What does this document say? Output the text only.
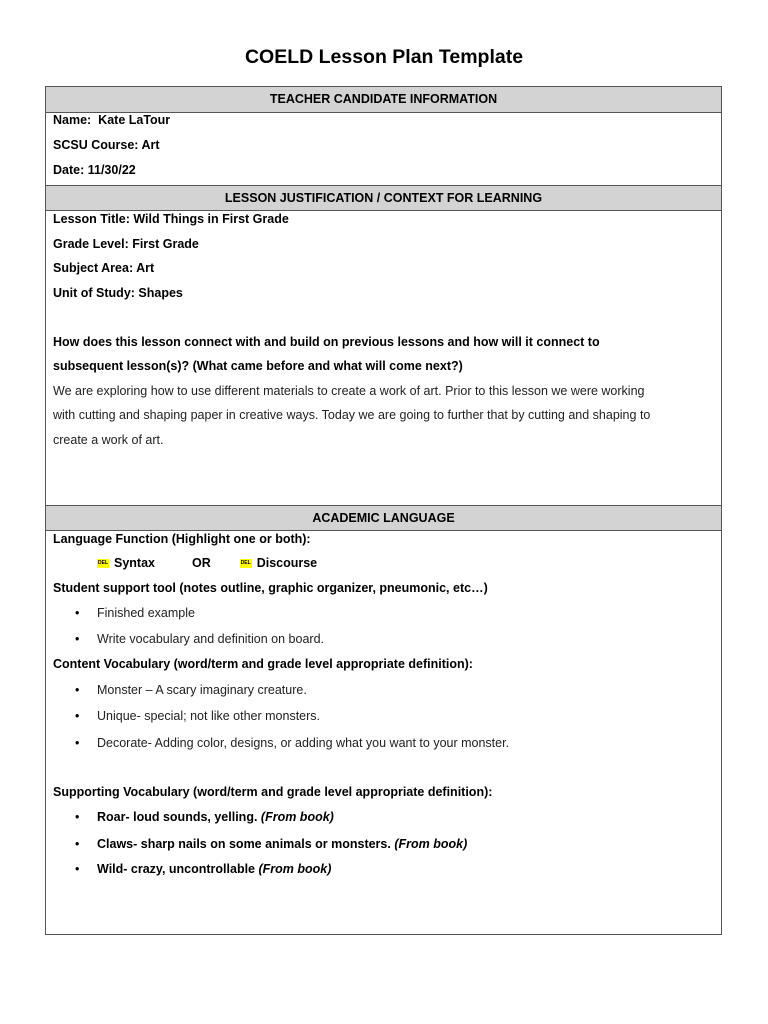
COELD Lesson Plan Template
TEACHER CANDIDATE INFORMATION
Name: Kate LaTour
SCSU Course: Art
Date: 11/30/22
LESSON JUSTIFICATION / CONTEXT FOR LEARNING
Lesson Title: Wild Things in First Grade
Grade Level: First Grade
Subject Area: Art
Unit of Study: Shapes
How does this lesson connect with and build on previous lessons and how will it connect to
subsequent lesson(s)? (What came before and what will come next?)
We are exploring how to use different materials to create a work of art. Prior to this lesson we were working
with cutting and shaping paper in creative ways. Today we are going to further that by cutting and shaping to
create a work of art.
ACADEMIC LANGUAGE
Language Function (Highlight one or both):
DEL Syntax	OR	DEL Discourse
Student support tool (notes outline, graphic organizer, pneumonic, etc…)
• Finished example
• Write vocabulary and definition on board.
Content Vocabulary (word/term and grade level appropriate definition):
• Monster – A scary imaginary creature.
• Unique- special; not like other monsters.
• Decorate- Adding color, designs, or adding what you want to your monster.
Supporting Vocabulary (word/term and grade level appropriate definition):
• Roar- loud sounds, yelling. (From book)
• Claws- sharp nails on some animals or monsters. (From book)
• Wild- crazy, uncontrollable (From book)
